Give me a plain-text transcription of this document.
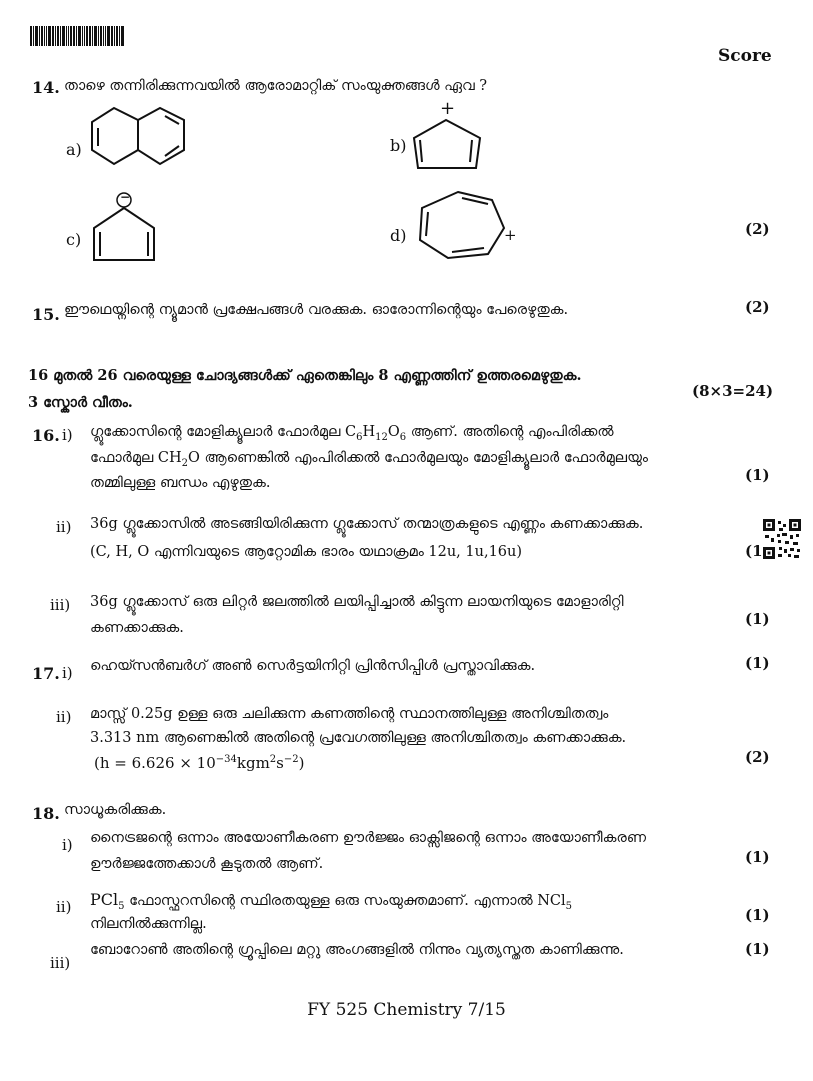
Score
14. താഴെ തന്നിരിക്കുന്നവയിൽ ആരോമാറ്റിക് സംയുക്തങ്ങൾ ഏവ ?
a)	b)
+
c)
−
d)	+	(2)
15. ഈഥെയ്നിന്റെ ന്യൂമാൻ പ്രക്ഷേപങ്ങൾ വരക്കുക. ഓരോന്നിന്റെയും പേരെഴുതുക.	(2)
16 മുതൽ 26 വരെയുള്ള ചോദ്യങ്ങൾക്ക് ഏതെങ്കിലും 8 എണ്ണത്തിന് ഉത്തരമെഴുതുക.
(8×3=24)
3 സ്കോർ വീതം.
16. i) ഗ്ലൂക്കോസിന്റെ മോളിക്യൂലാർ ഫോർമുല $C_6H_{12}O_6$ ആണ്. അതിന്റെ എംപിരിക്കൽ
ഫോർമുല $CH_2O$ ആണെങ്കിൽ എംപിരിക്കൽ ഫോർമുലയും മോളിക്യൂലാർ ഫോർമുലയും
തമ്മിലുള്ള ബന്ധം എഴുതുക.	(1)
ii) 36g ഗ്ലൂക്കോസിൽ അടങ്ങിയിരിക്കുന്ന ഗ്ലൂക്കോസ് തന്മാത്രകളുടെ എണ്ണം കണക്കാക്കുക.
(C, H, O എന്നിവയുടെ ആറ്റോമിക ഭാരം യഥാക്രമം 12u, 1u,16u)	(1
iii) 36g ഗ്ലൂക്കോസ് ഒരു ലിറ്റർ ജലത്തിൽ ലയിപ്പിച്ചാൽ കിട്ടുന്ന ലായനിയുടെ മോളാരിറ്റി
കണക്കാക്കുക.	(1)
17. i) ഹെയ്സൻബർഗ് അൺ സെർട്ടയിനിറ്റി പ്രിൻസിപ്പിൾ പ്രസ്താവിക്കുക.	(1)
ii) മാസ്സ് 0.25g ഉള്ള ഒരു ചലിക്കുന്ന കണത്തിന്റെ സ്ഥാനത്തിലുള്ള അനിശ്ചിതത്വം
3.313 nm ആണെങ്കിൽ അതിന്റെ പ്രവേഗത്തിലുള്ള അനിശ്ചിതത്വം കണക്കാക്കുക.
$(h = 6.626 \times 10^{-34}kgm^2s^{-2})$	(2)
18. സാധൂകരിക്കുക.
i) നൈട്രജന്റെ ഒന്നാം അയോണീകരണ ഊർജ്ജം ഓക്സിജന്റെ ഒന്നാം അയോണീകരണ
ഊർജ്ജത്തേക്കാൾ കൂടുതൽ ആണ്.	(1)
ii) PCl$_5$ ഫോസ്ഫറസിന്റെ സ്ഥിരതയുള്ള ഒരു സംയുക്തമാണ്. എന്നാൽ NCl$_5$
നിലനിൽക്കുന്നില്ല.	(1)
iii)
ബോറോൺ അതിന്റെ ഗ്രൂപ്പിലെ മറ്റു അംഗങ്ങളിൽ നിന്നും വ്യത്യസ്തത കാണിക്കുന്നു.	(1)
FY 525 Chemistry 7/15
